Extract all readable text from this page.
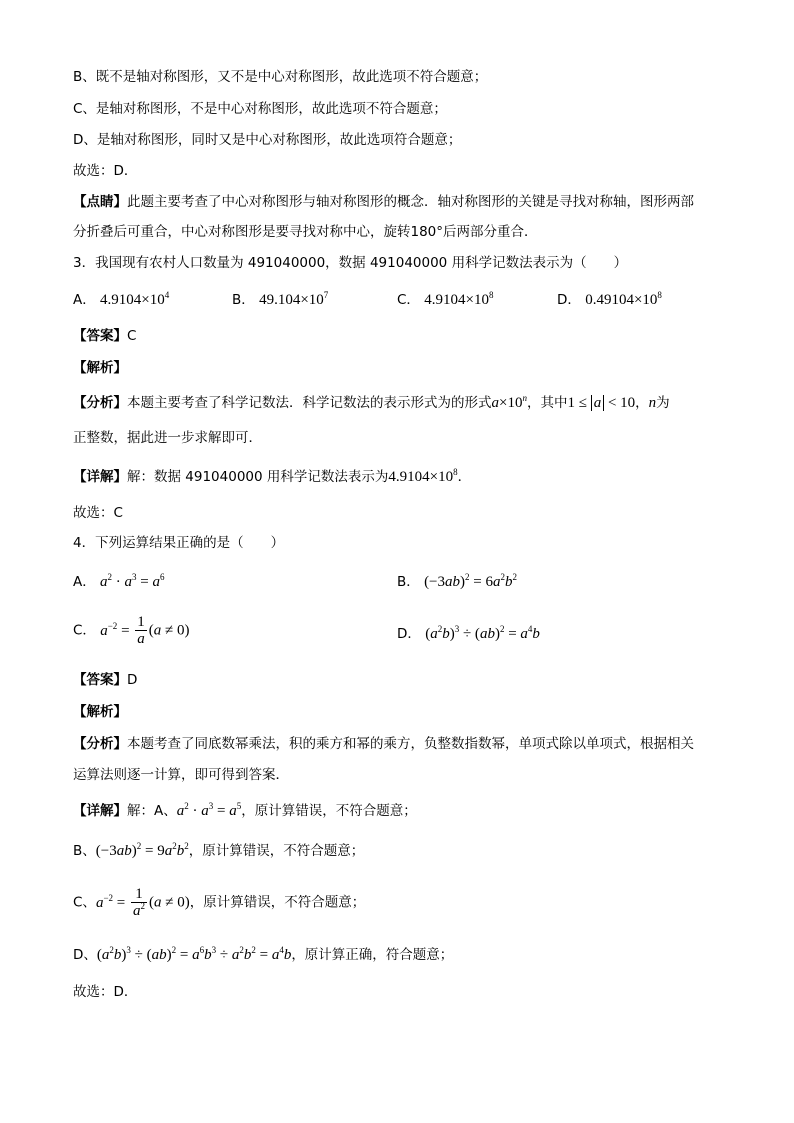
B、既不是轴对称图形，又不是中心对称图形，故此选项不符合题意；
C、是轴对称图形，不是中心对称图形，故此选项不符合题意；
D、是轴对称图形，同时又是中心对称图形，故此选项符合题意；
故选：D．
【点睛】此题主要考查了中心对称图形与轴对称图形的概念．轴对称图形的关键是寻找对称轴，图形两部
分折叠后可重合，中心对称图形是要寻找对称中心，旋转180°后两部分重合．
3．我国现有农村人口数量为 491040000，数据 491040000 用科学记数法表示为（　　）
A． $4.9104\times 10^4$	B． $49.104\times 10^7$	C． $4.9104\times 10^8$	D． $0.49104\times 10^8$
【答案】C
【解析】
【分析】本题主要考查了科学记数法．科学记数法的表示形式为的形式$a\times 10^n$，其中1 ≤ a < 10，n为
正整数，据此进一步求解即可．
【详解】解：数据 491040000 用科学记数法表示为$4.9104\times 10^8$．
故选：C
4．下列运算结果正确的是（　　）
A． $a^2 \cdot a^3 = a^6$	B． $(-3ab)^2 = 6a^2b^2$
C． $a^{-2} = \frac{1}{a} (a \ne 0)$	D． $(a^2b)^3 \div (ab)^2 = a^4b$
【答案】D
【解析】
【分析】本题考查了同底数幂乘法，积的乘方和幂的乘方，负整数指数幂，单项式除以单项式，根据相关
运算法则逐一计算，即可得到答案．
【详解】解：A、$a^2 \cdot a^3 = a^5$，原计算错误，不符合题意；
B、$(-3ab)^2 = 9a^2b^2$，原计算错误，不符合题意；
C、$a^{-2} = \frac{1}{a^2} (a \ne 0)$，原计算错误，不符合题意；
D、$(a^2b)^3 \div (ab)^2 = a^6b^3 \div a^2b^2 = a^4b$，原计算正确，符合题意；
故选：D．
